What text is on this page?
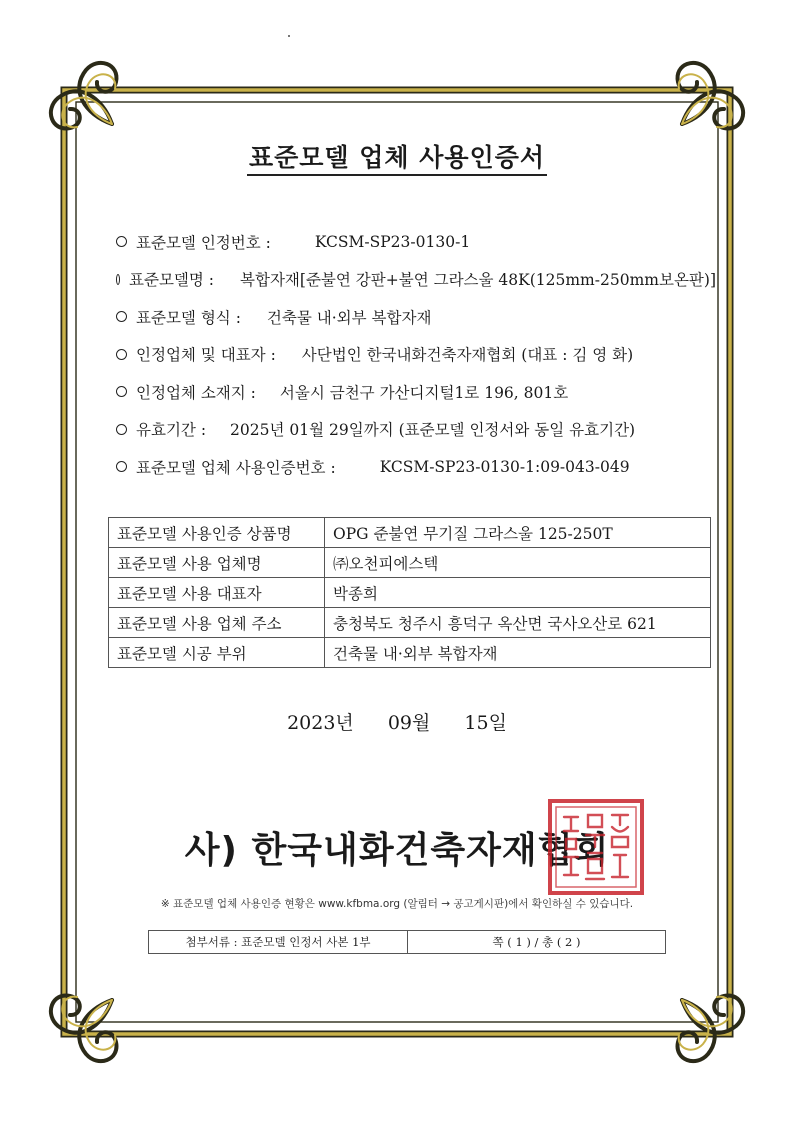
표준모델 업체 사용인증서
표준모델 인정번호 :	KCSM-SP23-0130-1
표준모델명 : 복합자재[준불연 강판+불연 그라스울 48K(125mm-250mm보온판)]
표준모델 형식 : 건축물 내·외부 복합자재
인정업체 및 대표자 : 사단법인 한국내화건축자재협회 (대표 : 김 영 화)
인정업체 소재지 : 서울시 금천구 가산디지털1로 196, 801호
유효기간 : 2025년 01월 29일까지 (표준모델 인정서와 동일 유효기간)
표준모델 업체 사용인증번호 :	KCSM-SP23-0130-1:09-043-049
표준모델 사용인증 상품명	OPG 준불연 무기질 그라스울 125-250T
표준모델 사용 업체명	㈜오천피에스텍
표준모델 사용 대표자	박종희
표준모델 사용 업체 주소	충청북도 청주시 흥덕구 옥산면 국사오산로 621
표준모델 시공 부위	건축물 내·외부 복합자재
2023년 09월 15일
사) 한국내화건축자재협회
※ 표준모델 업체 사용인증 현황은 www.kfbma.org (알림터 → 공고게시판)에서 확인하실 수 있습니다.
첨부서류 : 표준모델 인정서 사본 1부	쪽 ( 1 ) / 총 ( 2 )
